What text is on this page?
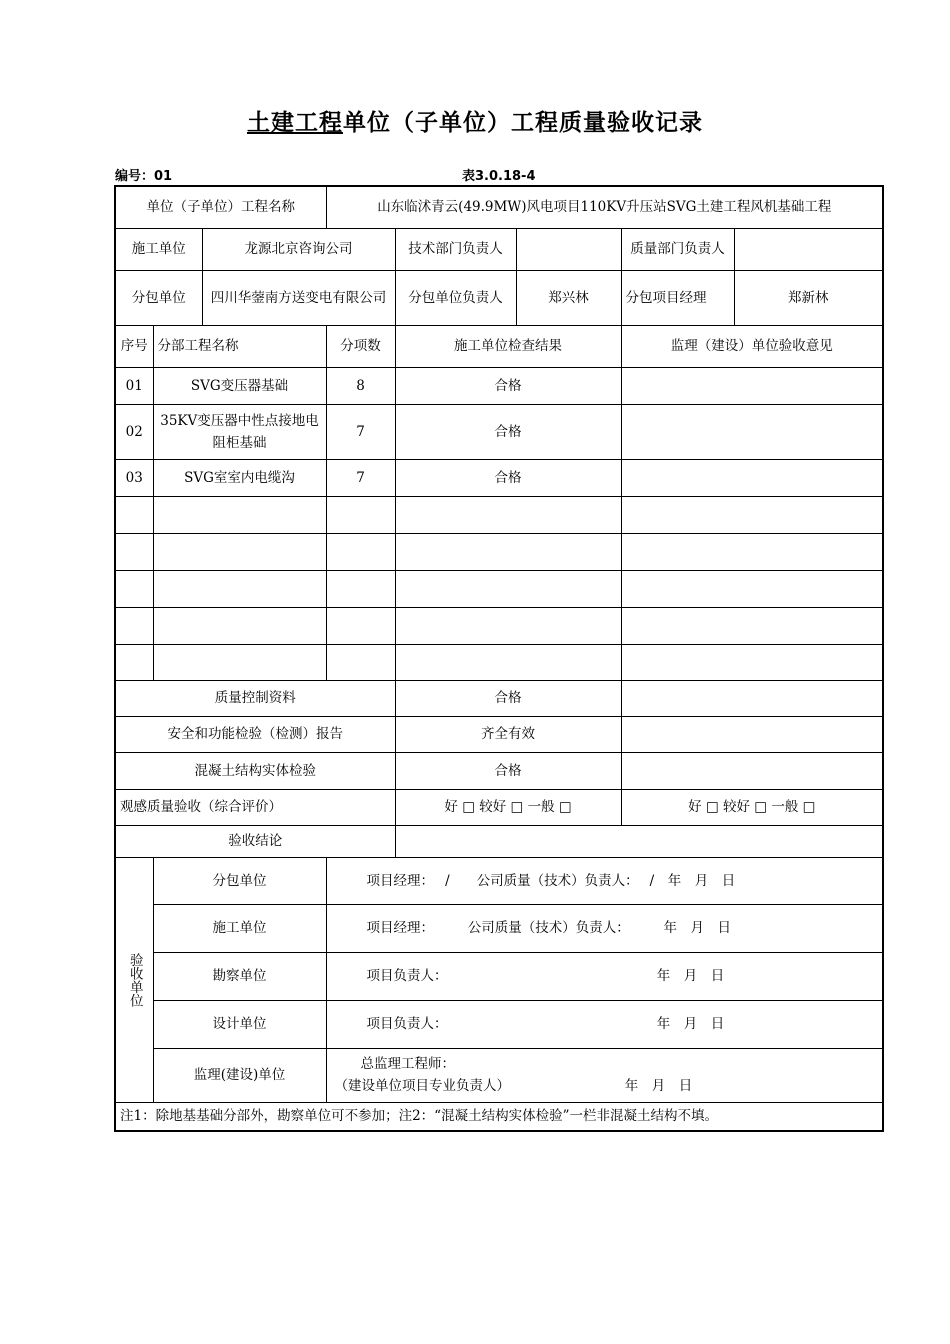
土建工程单位（子单位）工程质量验收记录
编号：01	表3.0.18-4
单位（子单位）工程名称			山东临沭青云(49.9MW)风电项目110KV升压站SVG土建工程风机基础工程				
施工单位		龙源北京咨询公司		技术部门负责人		质量部门负责人	
分包单位		四川华蓥南方送变电有限公司		分包单位负责人	郑兴林	分包项目经理	郑新林
序号	分部工程名称		分项数	施工单位检查结果		监理（建设）单位验收意见	
01	SVG变压器基础		8	合格			
02	35KV变压器中性点接地电阻柜基础		7	合格			
03	SVG室室内电缆沟		7	合格			

质量控制资料				合格			
安全和功能检验（检测）报告				齐全有效			
混凝土结构实体检验				合格			
观感质量验收（综合评价）				好 □ 较好 □ 一般 □		好 □ 较好 □ 一般 □	
验收结论							
验收单位	分包单位		项目经理：　 /　　公司质量（技术）负责人：　 /　年　月　日				
	施工单位		项目经理：　　　公司质量（技术）负责人：　　　年　月　日				
	勘察单位		项目负责人：　　　　　　　　　　　　　　　　年　月　日				
	设计单位		项目负责人：　　　　　　　　　　　　　　　　年　月　日				
	监理(建设)单位		总监理工程师：
（建设单位项目专业负责人）　　　　　　　　　年　月　日				

注1：除地基基础分部外，勘察单位可不参加；注2：“混凝土结构实体检验”一栏非混凝土结构不填。							
